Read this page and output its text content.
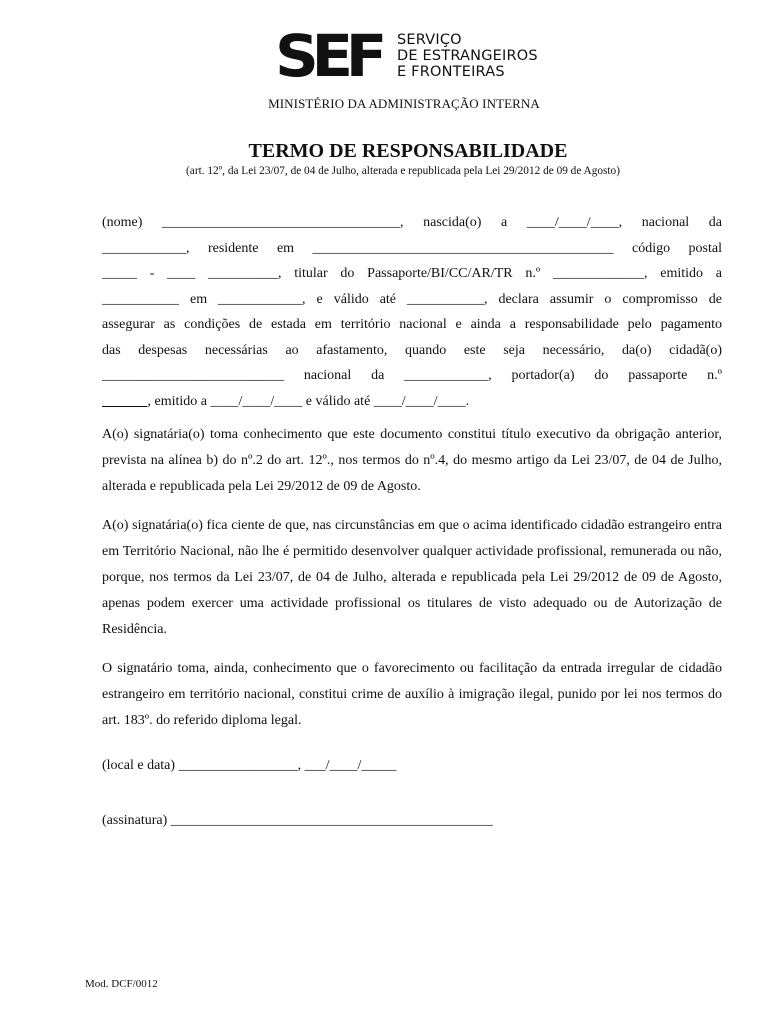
SEF SERVIÇO
DE ESTRANGEIROS
E FRONTEIRAS
MINISTÉRIO DA ADMINISTRAÇÃO INTERNA
TERMO DE RESPONSABILIDADE
(art. 12º, da Lei 23/07, de 04 de Julho, alterada e republicada pela Lei 29/2012 de 09 de Agosto)
(nome) __________________________________, nascida(o) a ____/____/____, nacional da
____________, residente em ___________________________________________ código postal
_____ - ____ __________, titular do Passaporte/BI/CC/AR/TR n.º _____________, emitido a
___________ em ____________, e válido até ___________, declara assumir o compromisso de
assegurar as condições de estada em território nacional e ainda a responsabilidade pelo pagamento
das despesas necessárias ao afastamento, quando este seja necessário, da(o) cidadã(o)
__________________________ nacional da ____________, portador(a) do passaporte n.º
, emitido a ____/____/____ e válido até ____/____/____.

A(o) signatária(o) toma conhecimento que este documento constitui título executivo da obrigação anterior, prevista na alínea b) do nº.2 do art. 12º., nos termos do nº.4, do mesmo artigo da Lei 23/07, de 04 de Julho, alterada e republicada pela Lei 29/2012 de 09 de Agosto.

A(o) signatária(o) fica ciente de que, nas circunstâncias em que o acima identificado cidadão estrangeiro entra em Território Nacional, não lhe é permitido desenvolver qualquer actividade profissional, remunerada ou não, porque, nos termos da Lei 23/07, de 04 de Julho, alterada e republicada pela Lei 29/2012 de 09 de Agosto, apenas podem exercer uma actividade profissional os titulares de visto adequado ou de Autorização de Residência.

O signatário toma, ainda, conhecimento que o favorecimento ou facilitação da entrada irregular de cidadão estrangeiro em território nacional, constitui crime de auxílio à imigração ilegal, punido por lei nos termos do art. 183º. do referido diploma legal.

(local e data) _________________, ___/____/_____
(assinatura) ______________________________________________
Mod. DCF/0012
